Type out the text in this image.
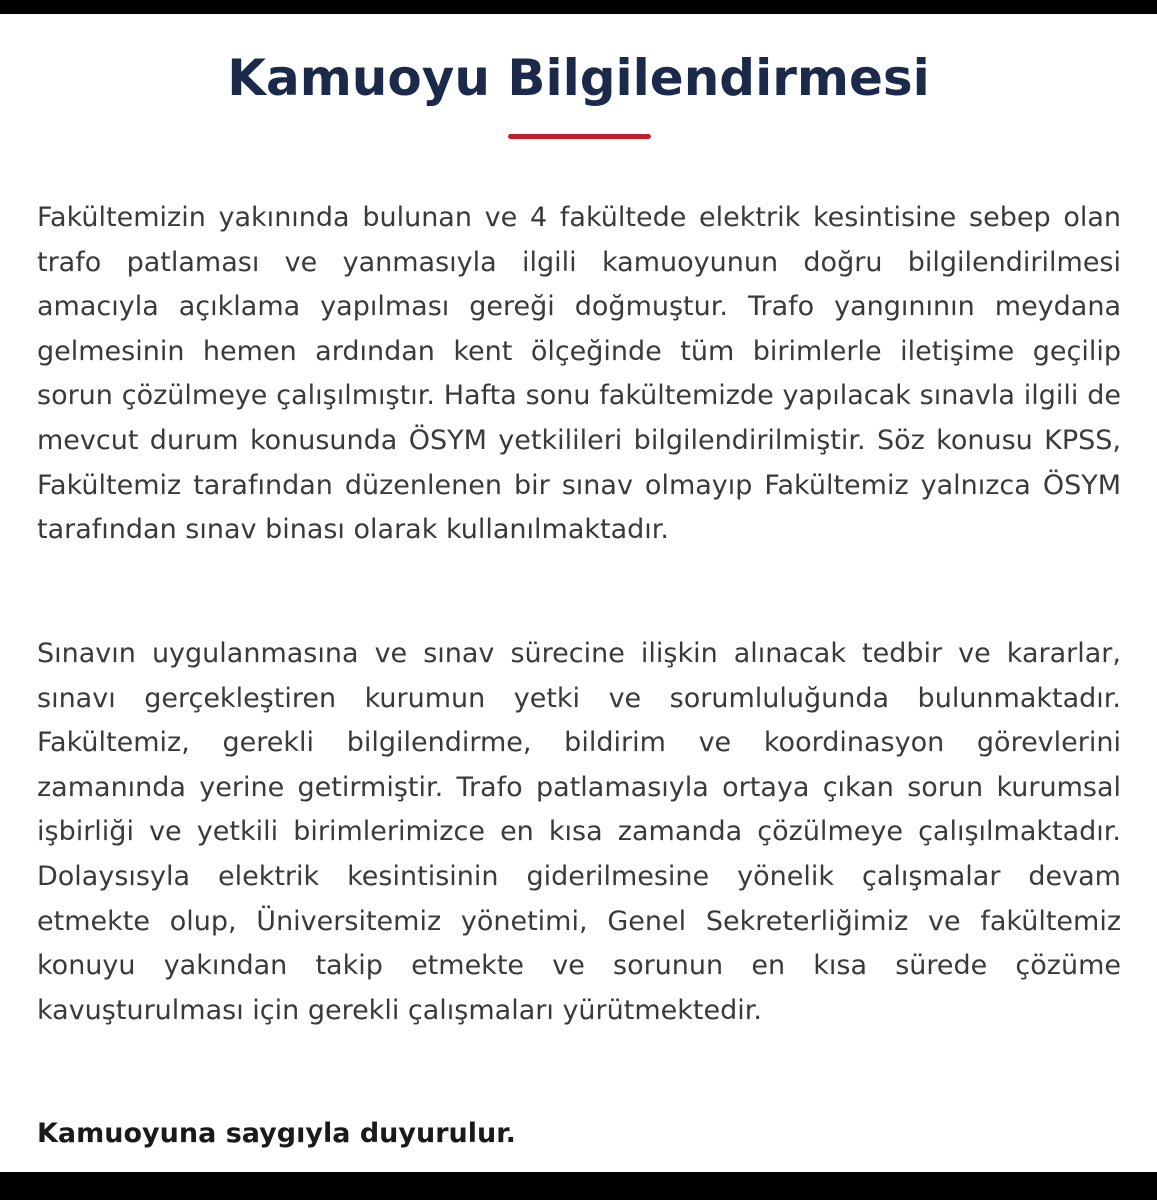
Kamuoyu Bilgilendirmesi

Fakültemizin yakınında bulunan ve 4 fakültede elektrik kesintisine sebep olan trafo patlaması ve yanmasıyla ilgili kamuoyunun doğru bilgilendirilmesi amacıyla açıklama yapılması gereği doğmuştur. Trafo yangınının meydana gelmesinin hemen ardından kent ölçeğinde tüm birimlerle iletişime geçilip sorun çözülmeye çalışılmıştır. Hafta sonu fakültemizde yapılacak sınavla ilgili de mevcut durum konusunda ÖSYM yetkilileri bilgilendirilmiştir. Söz konusu KPSS, Fakültemiz tarafından düzenlenen bir sınav olmayıp Fakültemiz yalnızca ÖSYM tarafından sınav binası olarak kullanılmaktadır.

Sınavın uygulanmasına ve sınav sürecine ilişkin alınacak tedbir ve kararlar, sınavı gerçekleştiren kurumun yetki ve sorumluluğunda bulunmaktadır. Fakültemiz, gerekli bilgilendirme, bildirim ve koordinasyon görevlerini zamanında yerine getirmiştir. Trafo patlamasıyla ortaya çıkan sorun kurumsal işbirliği ve yetkili birimlerimizce en kısa zamanda çözülmeye çalışılmaktadır. Dolaysısyla elektrik kesintisinin giderilmesine yönelik çalışmalar devam etmekte olup, Üniversitemiz yönetimi, Genel Sekreterliğimiz ve fakültemiz konuyu yakından takip etmekte ve sorunun en kısa sürede çözüme kavuşturulması için gerekli çalışmaları yürütmektedir.

Kamuoyuna saygıyla duyurulur.
